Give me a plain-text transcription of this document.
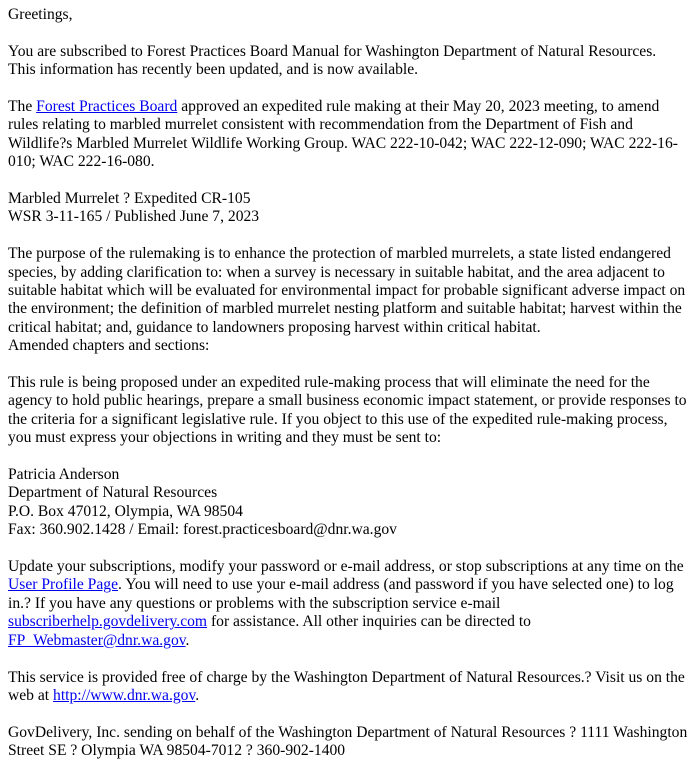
Greetings,

You are subscribed to Forest Practices Board Manual for Washington Department of Natural Resources.
This information has recently been updated, and is now available.

The Forest Practices Board approved an expedited rule making at their May 20, 2023 meeting, to amend rules relating to marbled murrelet consistent with recommendation from the Department of Fish and Wildlife?s Marbled Murrelet Wildlife Working Group. WAC 222-10-042; WAC 222-12-090; WAC 222-16-010; WAC 222-16-080.

Marbled Murrelet ? Expedited CR-105
WSR 3-11-165 / Published June 7, 2023

The purpose of the rulemaking is to enhance the protection of marbled murrelets, a state listed endangered species, by adding clarification to: when a survey is necessary in suitable habitat, and the area adjacent to suitable habitat which will be evaluated for environmental impact for probable significant adverse impact on the environment; the definition of marbled murrelet nesting platform and suitable habitat; harvest within the critical habitat; and, guidance to landowners proposing harvest within critical habitat.
Amended chapters and sections:

This rule is being proposed under an expedited rule-making process that will eliminate the need for the agency to hold public hearings, prepare a small business economic impact statement, or provide responses to the criteria for a significant legislative rule. If you object to this use of the expedited rule-making process, you must express your objections in writing and they must be sent to:

Patricia Anderson
Department of Natural Resources
P.O. Box 47012, Olympia, WA 98504
Fax: 360.902.1428 / Email: forest.practicesboard@dnr.wa.gov

Update your subscriptions, modify your password or e-mail address, or stop subscriptions at any time on the User Profile Page. You will need to use your e-mail address (and password if you have selected one) to log in.? If you have any questions or problems with the subscription service e-mail subscriberhelp.govdelivery.com for assistance. All other inquiries can be directed to FP_Webmaster@dnr.wa.gov.

This service is provided free of charge by the Washington Department of Natural Resources.? Visit us on the web at http://www.dnr.wa.gov.

GovDelivery, Inc. sending on behalf of the Washington Department of Natural Resources ? 1111 Washington Street SE ? Olympia WA 98504-7012 ? 360-902-1400
